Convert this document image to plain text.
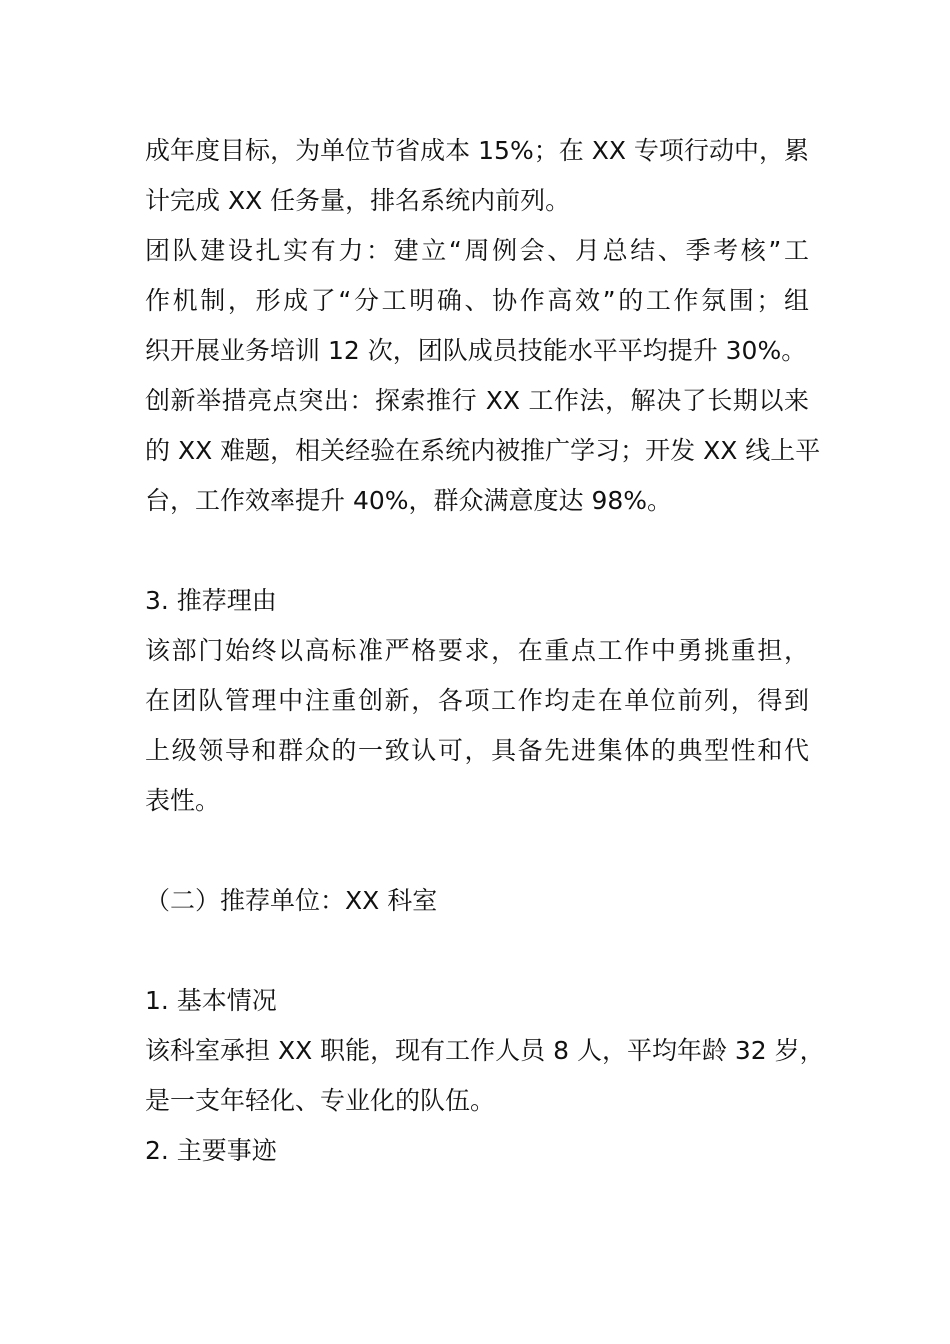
成年度目标，为单位节省成本 15%；在 XX 专项行动中，累
计完成 XX 任务量，排名系统内前列。

团队建设扎实有力：建立“周例会、月总结、季考核”工
作机制，形成了“分工明确、协作高效”的工作氛围；组
织开展业务培训 12 次，团队成员技能水平平均提升 30%。

创新举措亮点突出：探索推行 XX 工作法，解决了长期以来
的 XX 难题，相关经验在系统内被推广学习；开发 XX 线上平
台，工作效率提升 40%，群众满意度达 98%。

3. 推荐理由

该部门始终以高标准严格要求，在重点工作中勇挑重担，
在团队管理中注重创新，各项工作均走在单位前列，得到
上级领导和群众的一致认可，具备先进集体的典型性和代
表性。

（二）推荐单位：XX 科室

1. 基本情况

该科室承担 XX 职能，现有工作人员 8 人，平均年龄 32 岁，
是一支年轻化、专业化的队伍。

2. 主要事迹
